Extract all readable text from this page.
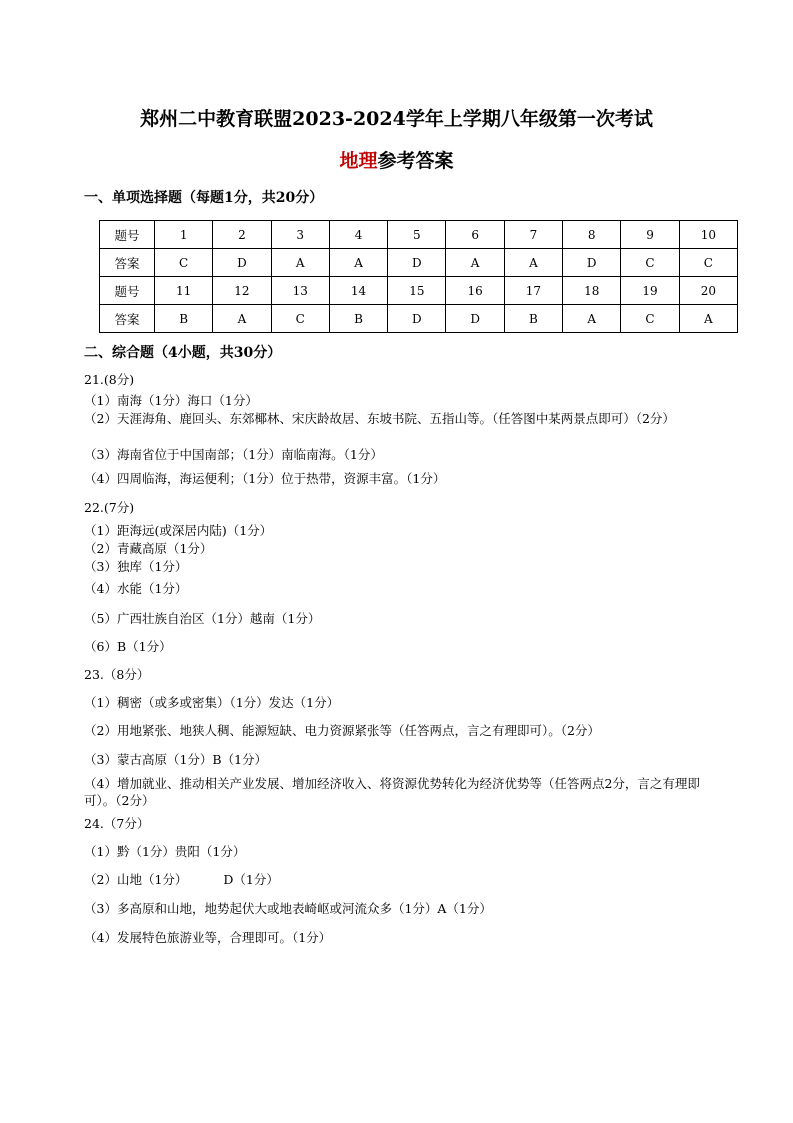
郑州二中教育联盟2023-2024学年上学期八年级第一次考试
地理参考答案
一、单项选择题（每题1分，共20分）
题号	1	2	3	4	5	6	7	8	9	10
答案	C	D	A	A	D	A	A	D	C	C
题号	11	12	13	14	15	16	17	18	19	20
答案	B	A	C	B	D	D	B	A	C	A
二、综合题（4小题，共30分）
21.(8分)
（1）南海（1分）海口（1分）
（2）天涯海角、鹿回头、东郊椰林、宋庆龄故居、东坡书院、五指山等。（任答图中某两景点即可）（2分）
（3）海南省位于中国南部；（1分）南临南海。（1分）
（4）四周临海，海运便利；（1分）位于热带，资源丰富。（1分）
22.(7分)
（1）距海远(或深居内陆)（1分）
（2）青藏高原（1分）
（3）独库（1分）
（4）水能（1分）
（5）广西壮族自治区（1分）越南（1分）
（6）B（1分）
23.（8分）
（1）稠密（或多或密集）（1分）发达（1分）
（2）用地紧张、地狭人稠、能源短缺、电力资源紧张等（任答两点，言之有理即可）。（2分）
（3）蒙古高原（1分）B（1分）
（4）增加就业、推动相关产业发展、增加经济收入、将资源优势转化为经济优势等（任答两点2分，言之有理即可）。（2分）
24.（7分）
（1）黔（1分）贵阳（1分）
（2）山地（1分）	D（1分）
（3）多高原和山地，地势起伏大或地表崎岖或河流众多（1分）A（1分）
（4）发展特色旅游业等，合理即可。（1分）
